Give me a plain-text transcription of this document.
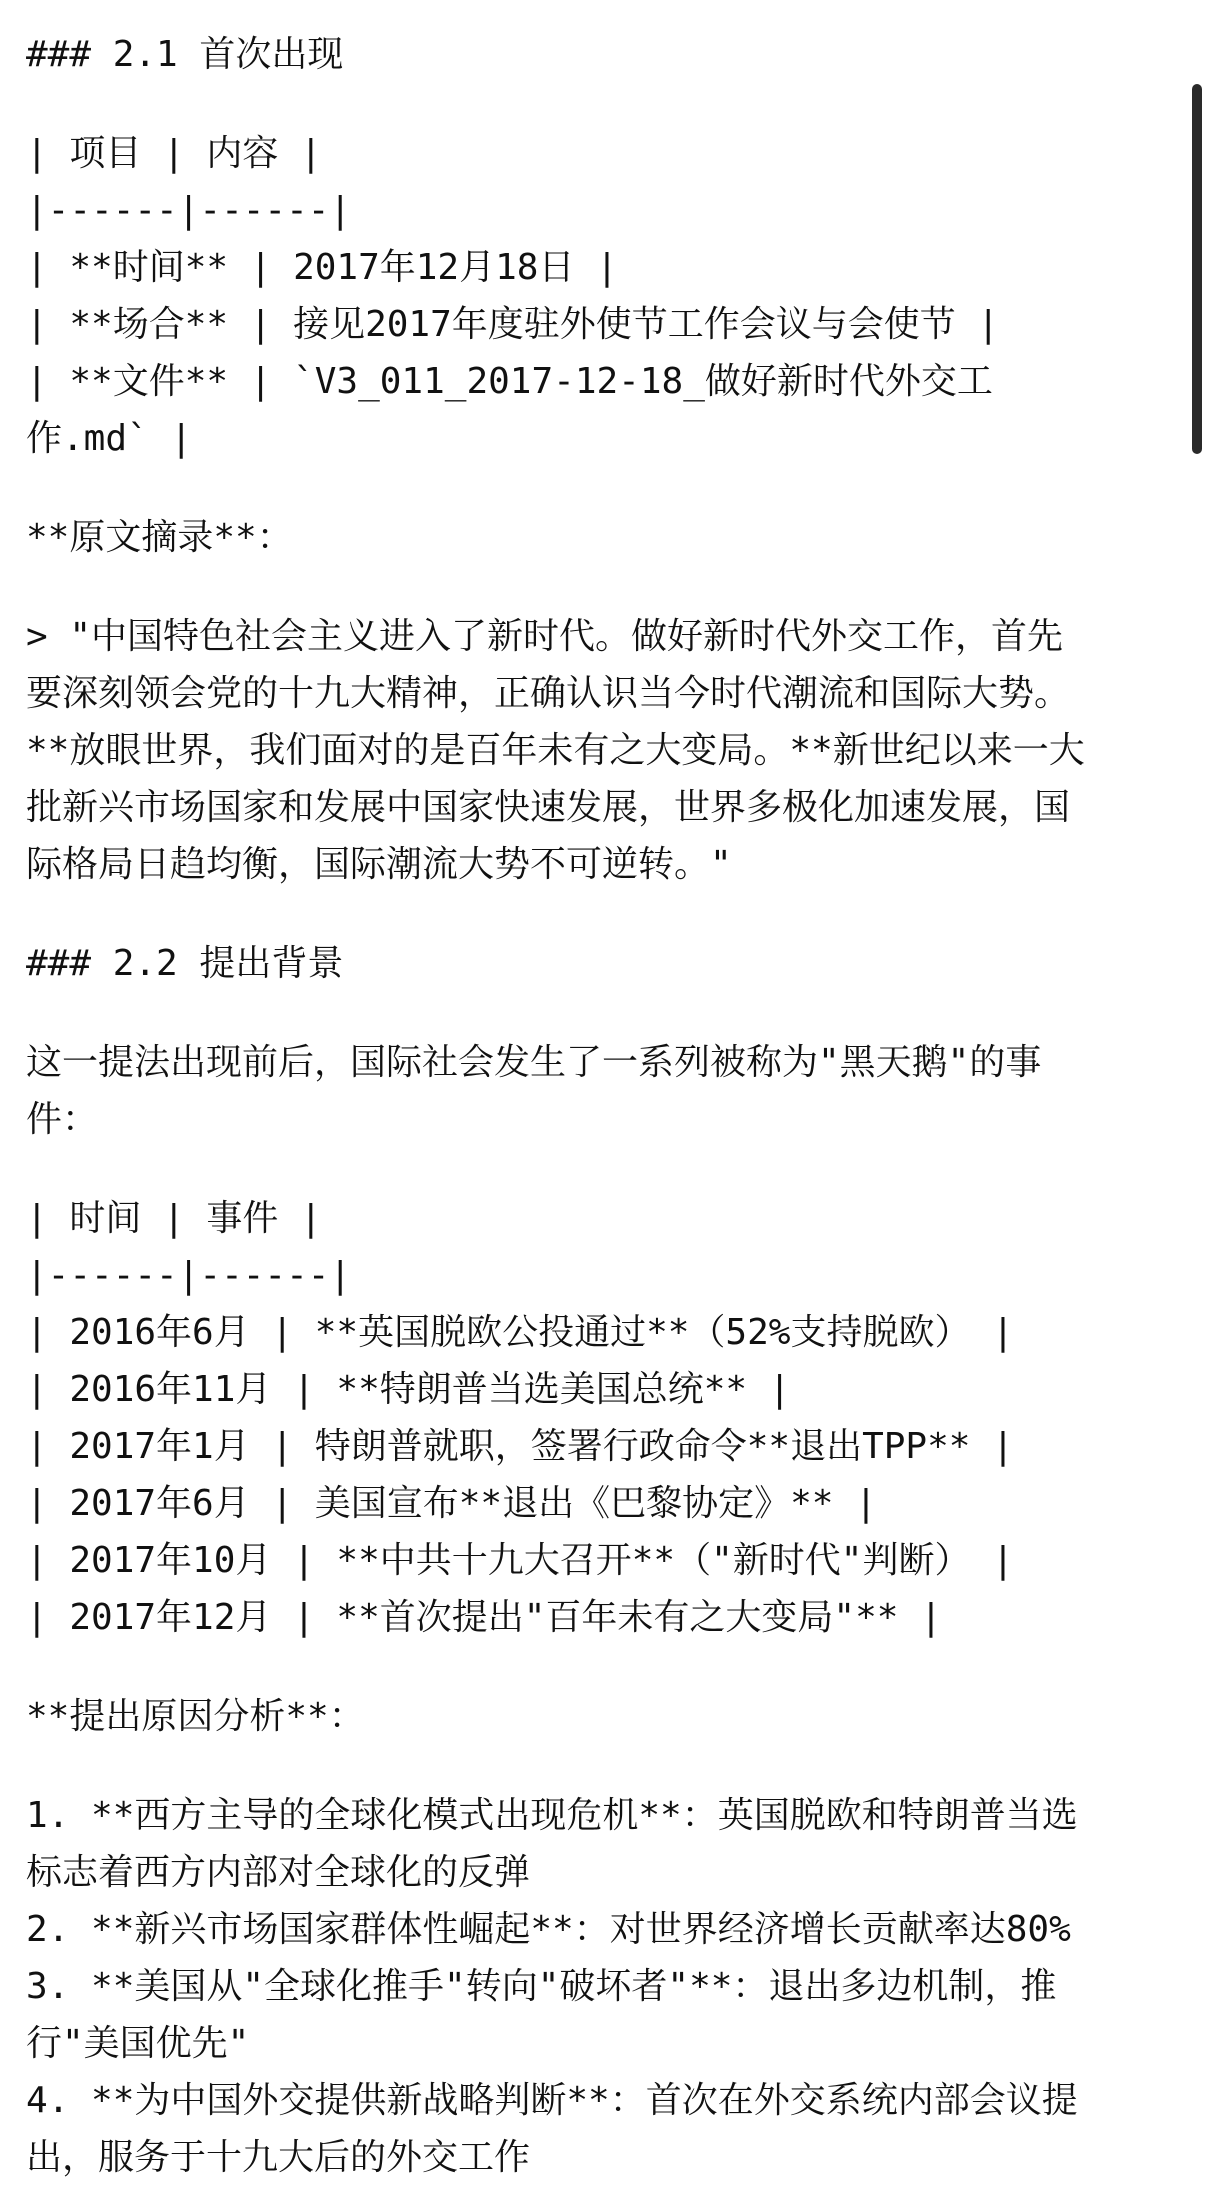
### 2.1 首次出现
| 项目 | 内容 |
|------|------|
| **时间** | 2017年12月18日 |
| **场合** | 接见2017年度驻外使节工作会议与会使节 |
| **文件** | `V3_011_2017-12-18_做好新时代外交工
作.md` |
**原文摘录**：
> "中国特色社会主义进入了新时代。做好新时代外交工作，首先
要深刻领会党的十九大精神，正确认识当今时代潮流和国际大势。
**放眼世界，我们面对的是百年未有之大变局。**新世纪以来一大
批新兴市场国家和发展中国家快速发展，世界多极化加速发展，国
际格局日趋均衡，国际潮流大势不可逆转。"
### 2.2 提出背景
这一提法出现前后，国际社会发生了一系列被称为"黑天鹅"的事
件：
| 时间 | 事件 |
|------|------|
| 2016年6月 | **英国脱欧公投通过**（52%支持脱欧） |
| 2016年11月 | **特朗普当选美国总统** |
| 2017年1月 | 特朗普就职，签署行政命令**退出TPP** |
| 2017年6月 | 美国宣布**退出《巴黎协定》** |
| 2017年10月 | **中共十九大召开**（"新时代"判断） |
| 2017年12月 | **首次提出"百年未有之大变局"** |
**提出原因分析**：
1. **西方主导的全球化模式出现危机**：英国脱欧和特朗普当选
标志着西方内部对全球化的反弹
2. **新兴市场国家群体性崛起**：对世界经济增长贡献率达80%
3. **美国从"全球化推手"转向"破坏者"**：退出多边机制，推
行"美国优先"
4. **为中国外交提供新战略判断**：首次在外交系统内部会议提
出，服务于十九大后的外交工作
